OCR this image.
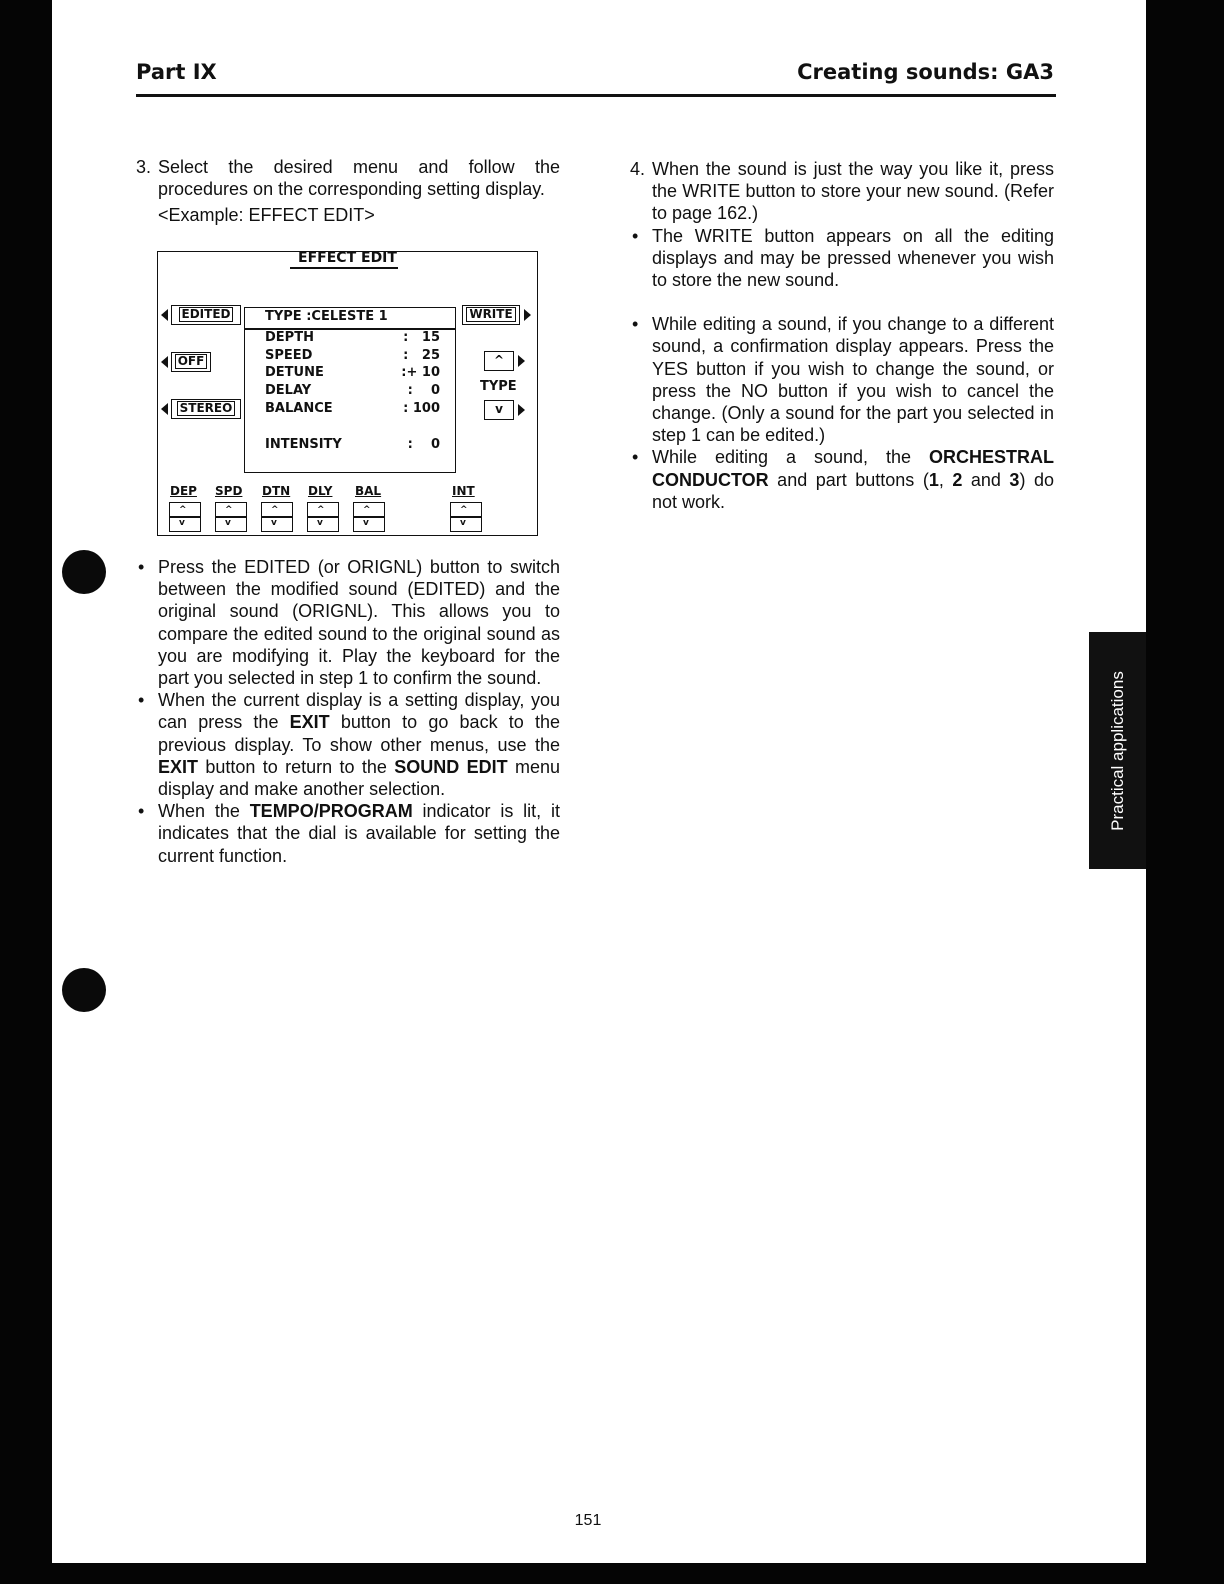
Practical applications
Part IX	Creating sounds: GA3
3. Select the desired menu and follow the procedures on the corresponding setting display.

<Example: EFFECT EDIT>

EFFECT EDIT
EDITED
OFF
STEREO
WRITE
^
TYPE
v
TYPE :CELESTE 1
DEPTH	:   15
SPEED	:   25
DETUNE	:+ 10
DELAY	:    0
BALANCE	: 100
INTENSITY	:    0
DEP SPD DTN DLY BAL	INT
^
v
^
v
^
v
^
v
^
v
^
v
• Press the EDITED (or ORIGNL) button to switch between the modified sound (EDITED) and the original sound (ORIGNL). This allows you to compare the edited sound to the original sound as you are modifying it. Play the keyboard for the part you selected in step 1 to confirm the sound.
• When the current display is a setting display, you can press the EXIT button to go back to the previous display. To show other menus, use the EXIT button to return to the SOUND EDIT menu display and make another selection.
• When the TEMPO/PROGRAM indicator is lit, it indicates that the dial is available for setting the current function.
4. When the sound is just the way you like it, press the WRITE button to store your new sound. (Refer to page 162.)

• The WRITE button appears on all the editing displays and may be pressed whenever you wish to store the new sound.
• While editing a sound, if you change to a different sound, a confirmation display appears. Press the YES button if you wish to change the sound, or press the NO button if you wish to cancel the change. (Only a sound for the part you selected in step 1 can be edited.)
• While editing a sound, the ORCHESTRAL CONDUCTOR and part buttons (1, 2 and 3) do not work.
151
